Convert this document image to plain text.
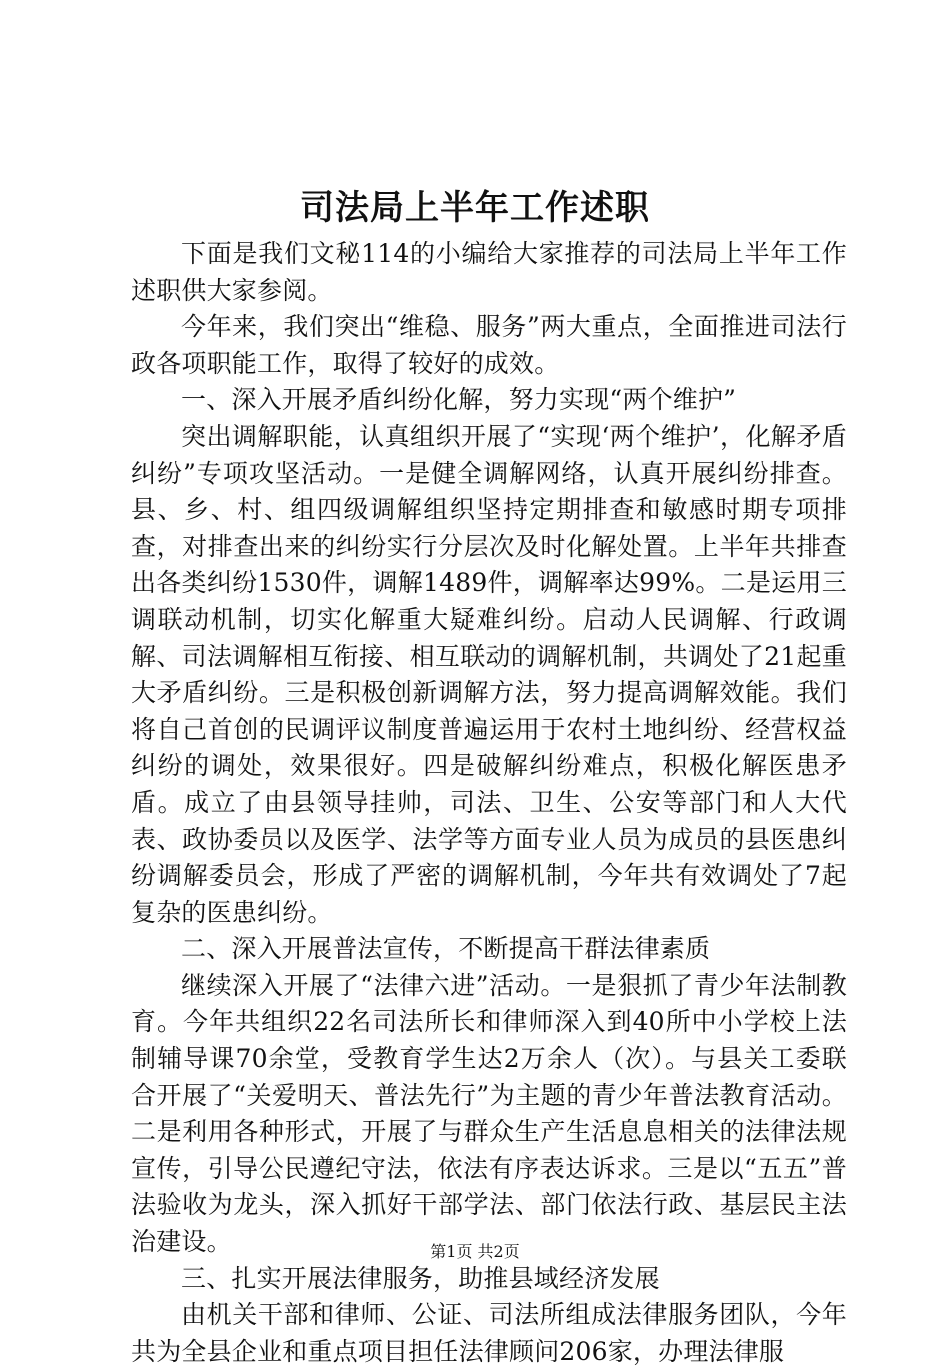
司法局上半年工作述职

下面是我们文秘114的小编给大家推荐的司法局上半年工作述职供大家参阅。

今年来，我们突出“维稳、服务”两大重点，全面推进司法行政各项职能工作，取得了较好的成效。

一、深入开展矛盾纠纷化解，努力实现“两个维护”

突出调解职能，认真组织开展了“实现‘两个维护’，化解矛盾纠纷”专项攻坚活动。一是健全调解网络，认真开展纠纷排查。县、乡、村、组四级调解组织坚持定期排查和敏感时期专项排查，对排查出来的纠纷实行分层次及时化解处置。上半年共排查出各类纠纷1530件，调解1489件，调解率达99%。二是运用三调联动机制，切实化解重大疑难纠纷。启动人民调解、行政调解、司法调解相互衔接、相互联动的调解机制，共调处了21起重大矛盾纠纷。三是积极创新调解方法，努力提高调解效能。我们将自己首创的民调评议制度普遍运用于农村土地纠纷、经营权益纠纷的调处，效果很好。四是破解纠纷难点，积极化解医患矛盾。成立了由县领导挂帅，司法、卫生、公安等部门和人大代表、政协委员以及医学、法学等方面专业人员为成员的县医患纠纷调解委员会，形成了严密的调解机制，今年共有效调处了7起复杂的医患纠纷。

二、深入开展普法宣传，不断提高干群法律素质

继续深入开展了“法律六进”活动。一是狠抓了青少年法制教育。今年共组织22名司法所长和律师深入到40所中小学校上法制辅导课70余堂，受教育学生达2万余人（次）。与县关工委联合开展了“关爱明天、普法先行”为主题的青少年普法教育活动。二是利用各种形式，开展了与群众生产生活息息相关的法律法规宣传，引导公民遵纪守法，依法有序表达诉求。三是以“五五”普法验收为龙头，深入抓好干部学法、部门依法行政、基层民主法治建设。

三、扎实开展法律服务，助推县域经济发展

由机关干部和律师、公证、司法所组成法律服务团队，今年共为全县企业和重点项目担任法律顾问206家，办理法律服

第1页 共2页
